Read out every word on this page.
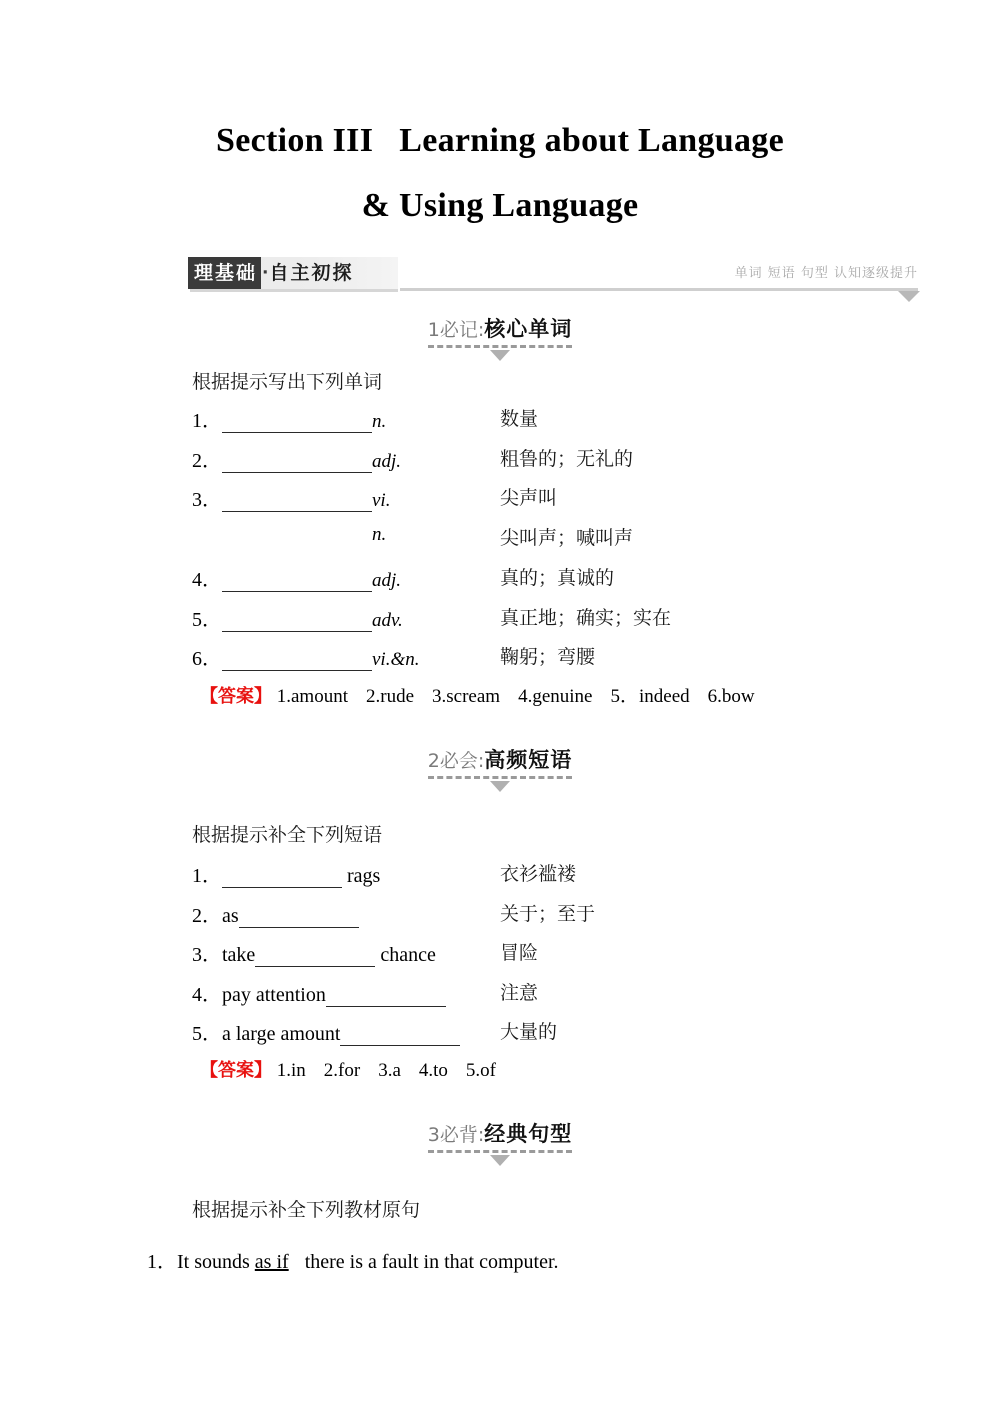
Section III Learning about Language
& Using Language
理基础 · 自主初探	单词 短语 句型 认知逐级提升
1必记:核心单词
根据提示写出下列单词
1．	n.	数量
2．	adj.	粗鲁的；无礼的
3．	vi.	尖声叫
n.	尖叫声；喊叫声
4．	adj.	真的；真诚的
5．	adv.	真正地；确实；实在
6．	vi.&n.	鞠躬；弯腰
【答案】 1.amount 2.rude 3.scream 4.genuine 5．indeed 6.bow
2必会:高频短语
根据提示补全下列短语
1．	rags	衣衫褴褛
2．as	关于；至于
3．take	chance	冒险
4．pay attention	注意
5．a large amount	大量的
【答案】 1.in 2.for 3.a 4.to 5.of
3必背:经典句型
根据提示补全下列教材原句
1．It sounds as if there is a fault in that computer.
